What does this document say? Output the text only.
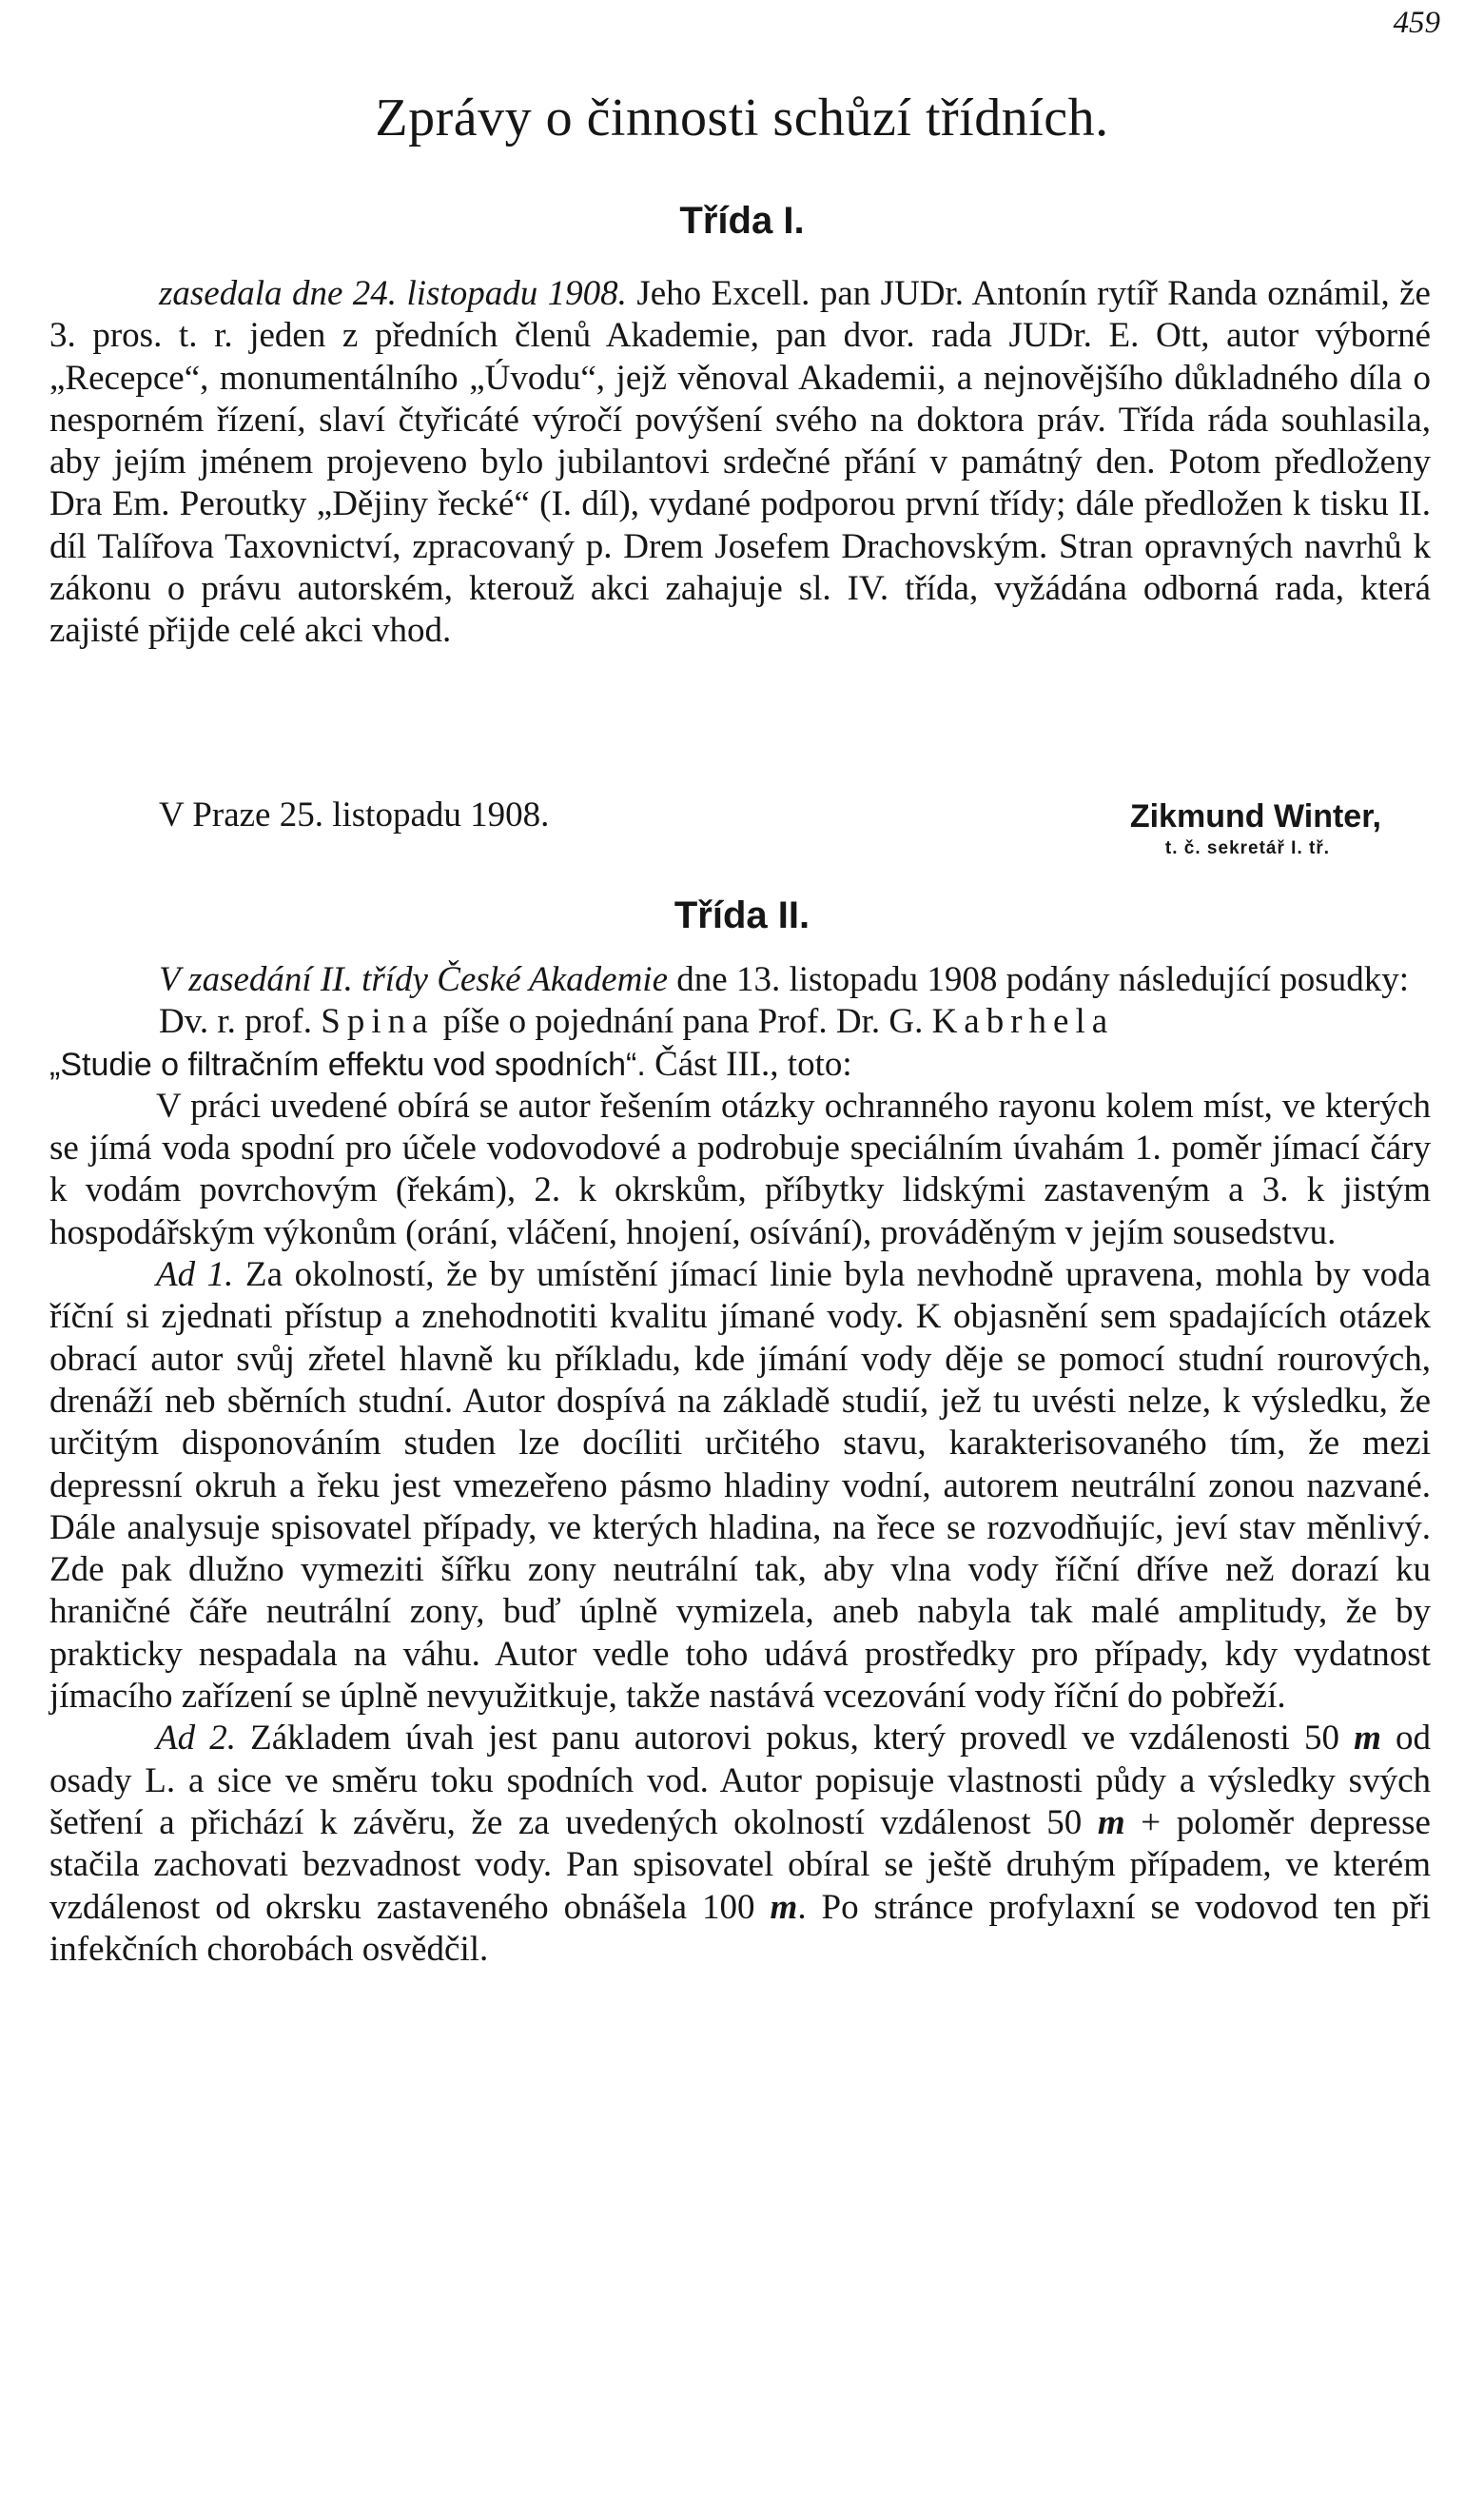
459
Zprávy o činnosti schůzí třídních.
Třída I.

zasedala dne 24. listopadu 1908. Jeho Excell. pan JUDr. Antonín rytíř Randa oznámil, že 3. pros. t. r. jeden z předních členů Akademie, pan dvor. rada JUDr. E. Ott, autor výborné „Recepce“, monumentálního „Úvodu“, jejž věnoval Akademii, a nejnovějšího důkladného díla o nesporném řízení, slaví čtyřicáté výročí povýšení svého na doktora práv. Třída ráda souhlasila, aby jejím jménem projeveno bylo jubilantovi srdečné přání v památný den. Potom předloženy Dra Em. Peroutky „Dějiny řecké“ (I. díl), vydané podporou první třídy; dále předložen k tisku II. díl Talířova Taxovnictví, zpracovaný p. Drem Josefem Drachovským. Stran opravných navrhů k zákonu o právu autorském, kterouž akci zahajuje sl. IV. třída, vyžádána odborná rada, která zajisté přijde celé akci vhod.

V Praze 25. listopadu 1908.	Zikmund Winter,
t. č. sekretář I. tř.
Třída II.

V zasedání II. třídy České Akademie dne 13. listopadu 1908 podány následující posudky:

Dv. r. prof. Spina píše o pojednání pana Prof. Dr. G. Kabrhela
„Studie o filtračním effektu vod spodních“. Část III., toto:

V práci uvedené obírá se autor řešením otázky ochranného rayonu kolem míst, ve kterých se jímá voda spodní pro účele vodovodové a podrobuje speciálním úvahám 1. poměr jímací čáry k vodám povrchovým (řekám), 2. k okrskům, příbytky lidskými zastaveným a 3. k jistým hospodářským výkonům (orání, vláčení, hnojení, osívání), prováděným v jejím sousedstvu.

Ad 1. Za okolností, že by umístění jímací linie byla nevhodně upravena, mohla by voda říční si zjednati přístup a znehodnotiti kvalitu jímané vody. K objasnění sem spadajících otázek obrací autor svůj zřetel hlavně ku příkladu, kde jímání vody děje se pomocí studní rourových, drenáží neb sběrních studní. Autor dospívá na základě studií, jež tu uvésti nelze, k výsledku, že určitým disponováním studen lze docíliti určitého stavu, karakterisovaného tím, že mezi depressní okruh a řeku jest vmezeřeno pásmo hladiny vodní, autorem neutrální zonou nazvané. Dále analysuje spisovatel případy, ve kterých hladina, na řece se rozvodňujíc, jeví stav měnlivý. Zde pak dlužno vymeziti šířku zony neutrální tak, aby vlna vody říční dříve než dorazí ku hraničné čáře neutrální zony, buď úplně vymizela, aneb nabyla tak malé amplitudy, že by prakticky nespadala na váhu. Autor vedle toho udává prostředky pro případy, kdy vydatnost jímacího zařízení se úplně nevyužitkuje, takže nastává vcezování vody říční do pobřeží.

Ad 2. Základem úvah jest panu autorovi pokus, který provedl ve vzdálenosti 50 m od osady L. a sice ve směru toku spodních vod. Autor popisuje vlastnosti půdy a výsledky svých šetření a přichází k závěru, že za uvedených okolností vzdálenost 50 m + poloměr depresse stačila zachovati bezvadnost vody. Pan spisovatel obíral se ještě druhým případem, ve kterém vzdálenost od okrsku zastaveného obnášela 100 m. Po stránce profylaxní se vodovod ten při infekčních chorobách osvědčil.
